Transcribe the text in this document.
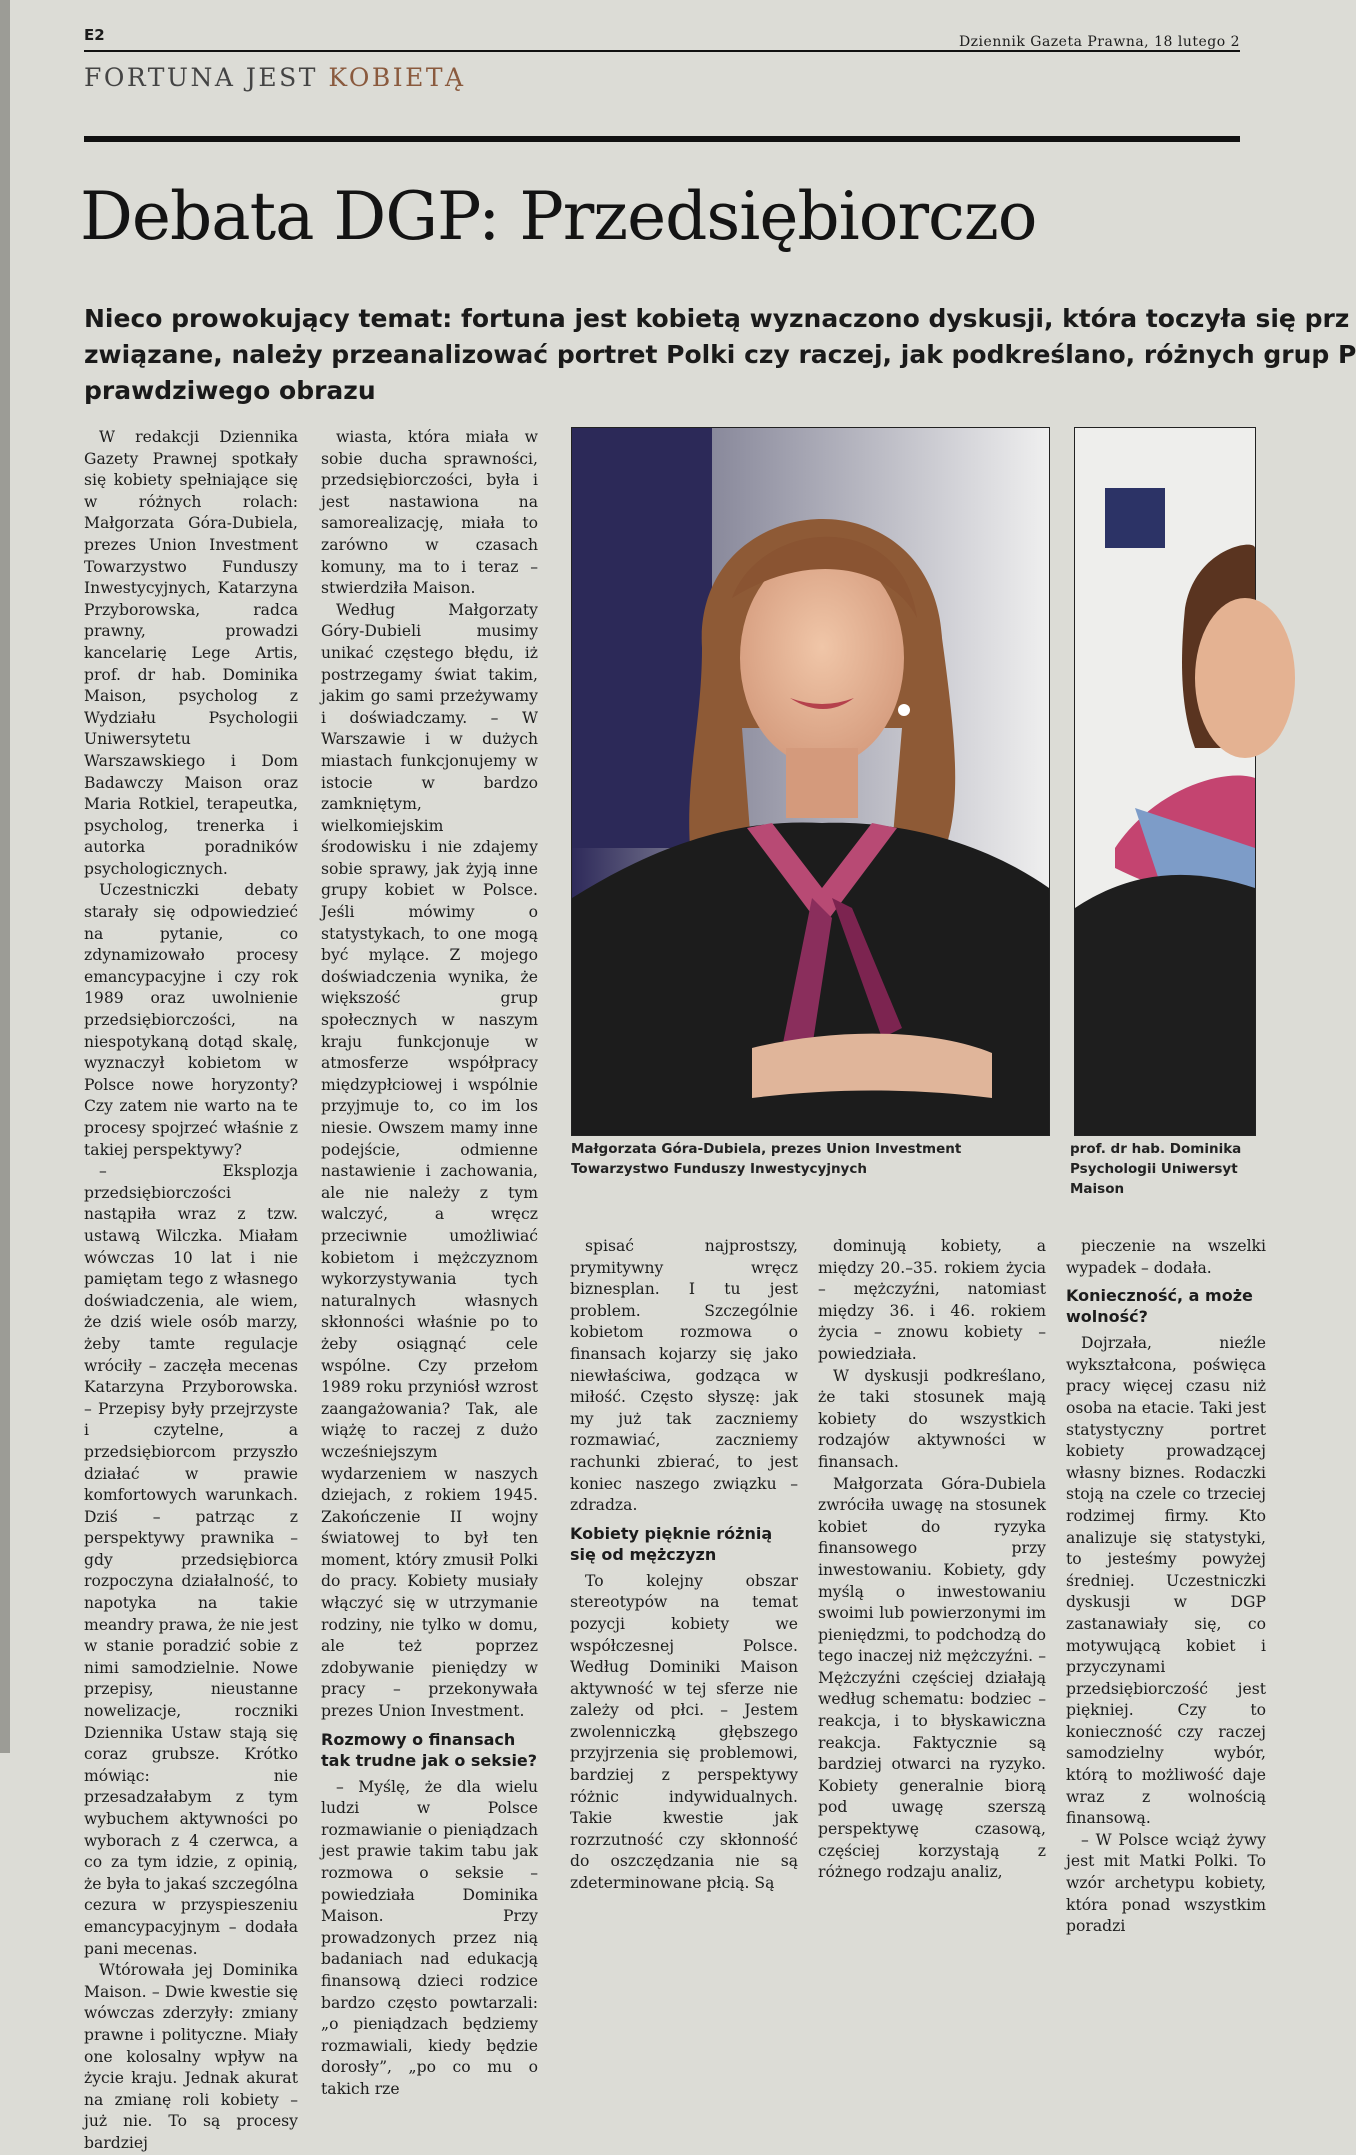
E2	Dziennik Gazeta Prawna, 18 lutego 2
FORTUNA JEST KOBIETĄ
Debata DGP: Przedsiębiorczo
Nieco prowokujący temat: fortuna jest kobietą wyznaczono dyskusji, która toczyła się prz
związane, należy przeanalizować portret Polki czy raczej, jak podkreślano, różnych grup P
prawdziwego obrazu

W redakcji Dziennika Gazety Prawnej spotkały się kobiety spełniające się w różnych rolach: Małgorzata Góra-Dubiela, prezes Union Investment Towarzystwo Funduszy Inwestycyjnych, Katarzyna Przyborowska, radca prawny, prowadzi kancelarię Lege Artis, prof. dr hab. Dominika Maison, psycholog z Wydziału Psychologii Uniwersytetu Warszawskiego i Dom Badawczy Maison oraz Maria Rotkiel, terapeutka, psycholog, trenerka i autorka poradników psychologicznych.

Uczestniczki debaty starały się odpowiedzieć na pytanie, co zdynamizowało procesy emancypacyjne i czy rok 1989 oraz uwolnienie przedsiębiorczości, na niespotykaną dotąd skalę, wyznaczył kobietom w Polsce nowe horyzonty? Czy zatem nie warto na te procesy spojrzeć właśnie z takiej perspektywy?

– Eksplozja przedsiębiorczości nastąpiła wraz z tzw. ustawą Wilczka. Miałam wówczas 10 lat i nie pamiętam tego z własnego doświadczenia, ale wiem, że dziś wiele osób marzy, żeby tamte regulacje wróciły – zaczęła mecenas Katarzyna Przyborowska. – Przepisy były przejrzyste i czytelne, a przedsiębiorcom przyszło działać w prawie komfortowych warunkach. Dziś – patrząc z perspektywy prawnika – gdy przedsiębiorca rozpoczyna działalność, to napotyka na takie meandry prawa, że nie jest w stanie poradzić sobie z nimi samodzielnie. Nowe przepisy, nieustanne nowelizacje, roczniki Dziennika Ustaw stają się coraz grubsze. Krótko mówiąc: nie przesadzałabym z tym wybuchem aktywności po wyborach z 4 czerwca, a co za tym idzie, z opinią, że była to jakaś szczególna cezura w przyspieszeniu emancypacyjnym – dodała pani mecenas.

Wtórowała jej Dominika Maison. – Dwie kwestie się wówczas zderzyły: zmiany prawne i polityczne. Miały one kolosalny wpływ na życie kraju. Jednak akurat na zmianę roli kobiety – już nie. To są procesy bardziej

wiasta, która miała w sobie ducha sprawności, przedsiębiorczości, była i jest nastawiona na samorealizację, miała to zarówno w czasach komuny, ma to i teraz – stwierdziła Maison.

Według Małgorzaty Góry-Dubieli musimy unikać częstego błędu, iż postrzegamy świat takim, jakim go sami przeżywamy i doświadczamy. – W Warszawie i w dużych miastach funkcjonujemy w istocie w bardzo zamkniętym, wielkomiejskim środowisku i nie zdajemy sobie sprawy, jak żyją inne grupy kobiet w Polsce. Jeśli mówimy o statystykach, to one mogą być mylące. Z mojego doświadczenia wynika, że większość grup społecznych w naszym kraju funkcjonuje w atmosferze współpracy międzypłciowej i wspólnie przyjmuje to, co im los niesie. Owszem mamy inne podejście, odmienne nastawienie i zachowania, ale nie należy z tym walczyć, a wręcz przeciwnie umożliwiać kobietom i mężczyznom wykorzystywania tych naturalnych własnych skłonności właśnie po to żeby osiągnąć cele wspólne. Czy przełom 1989 roku przyniósł wzrost zaangażowania? Tak, ale wiążę to raczej z dużo wcześniejszym wydarzeniem w naszych dziejach, z rokiem 1945. Zakończenie II wojny światowej to był ten moment, który zmusił Polki do pracy. Kobiety musiały włączyć się w utrzymanie rodziny, nie tylko w domu, ale też poprzez zdobywanie pieniędzy w pracy – przekonywała prezes Union Investment.

Rozmowy o finansach tak trudne jak o seksie?

– Myślę, że dla wielu ludzi w Polsce rozmawianie o pieniądzach jest prawie takim tabu jak rozmowa o seksie – powiedziała Dominika Maison. Przy prowadzonych przez nią badaniach nad edukacją finansową dzieci rodzice bardzo często powtarzali: „o pieniądzach będziemy rozmawiali, kiedy będzie dorosły”, „po co mu o takich rze

Małgorzata Góra-Dubiela, prezes Union Investment Towarzystwo Funduszy Inwestycyjnych
prof. dr hab. Dominika
Psychologii Uniwersyt
Maison

spisać najprostszy, prymitywny wręcz biznesplan. I tu jest problem. Szczególnie kobietom rozmowa o finansach kojarzy się jako niewłaściwa, godząca w miłość. Często słyszę: jak my już tak zaczniemy rozmawiać, zaczniemy rachunki zbierać, to jest koniec naszego związku – zdradza.

Kobiety pięknie różnią się od mężczyzn

To kolejny obszar stereotypów na temat pozycji kobiety we współczesnej Polsce. Według Dominiki Maison aktywność w tej sferze nie zależy od płci. – Jestem zwolenniczką głębszego przyjrzenia się problemowi, bardziej z perspektywy różnic indywidualnych. Takie kwestie jak rozrzutność czy skłonność do oszczędzania nie są zdeterminowane płcią. Są

dominują kobiety, a między 20.–35. rokiem życia – mężczyźni, natomiast między 36. i 46. rokiem życia – znowu kobiety – powiedziała.

W dyskusji podkreślano, że taki stosunek mają kobiety do wszystkich rodzajów aktywności w finansach.

Małgorzata Góra-Dubiela zwróciła uwagę na stosunek kobiet do ryzyka finansowego przy inwestowaniu. Kobiety, gdy myślą o inwestowaniu swoimi lub powierzonymi im pieniędzmi, to podchodzą do tego inaczej niż mężczyźni. – Mężczyźni częściej działają według schematu: bodziec – reakcja, i to błyskawiczna reakcja. Faktycznie są bardziej otwarci na ryzyko. Kobiety generalnie biorą pod uwagę szerszą perspektywę czasową, częściej korzystają z różnego rodzaju analiz,

pieczenie na wszelki wypadek – dodała.

Konieczność, a może wolność?

Dojrzała, nieźle wykształcona, poświęca pracy więcej czasu niż osoba na etacie. Taki jest statystyczny portret kobiety prowadzącej własny biznes. Rodaczki stoją na czele co trzeciej rodzimej firmy. Kto analizuje się statystyki, to jesteśmy powyżej średniej. Uczestniczki dyskusji w DGP zastanawiały się, co motywującą kobiet i przyczynami przedsiębiorczość jest piękniej. Czy to konieczność czy raczej samodzielny wybór, którą to możliwość daje wraz z wolnością finansową.

– W Polsce wciąż żywy jest mit Matki Polki. To wzór archetypu kobiety, która ponad wszystkim poradzi
